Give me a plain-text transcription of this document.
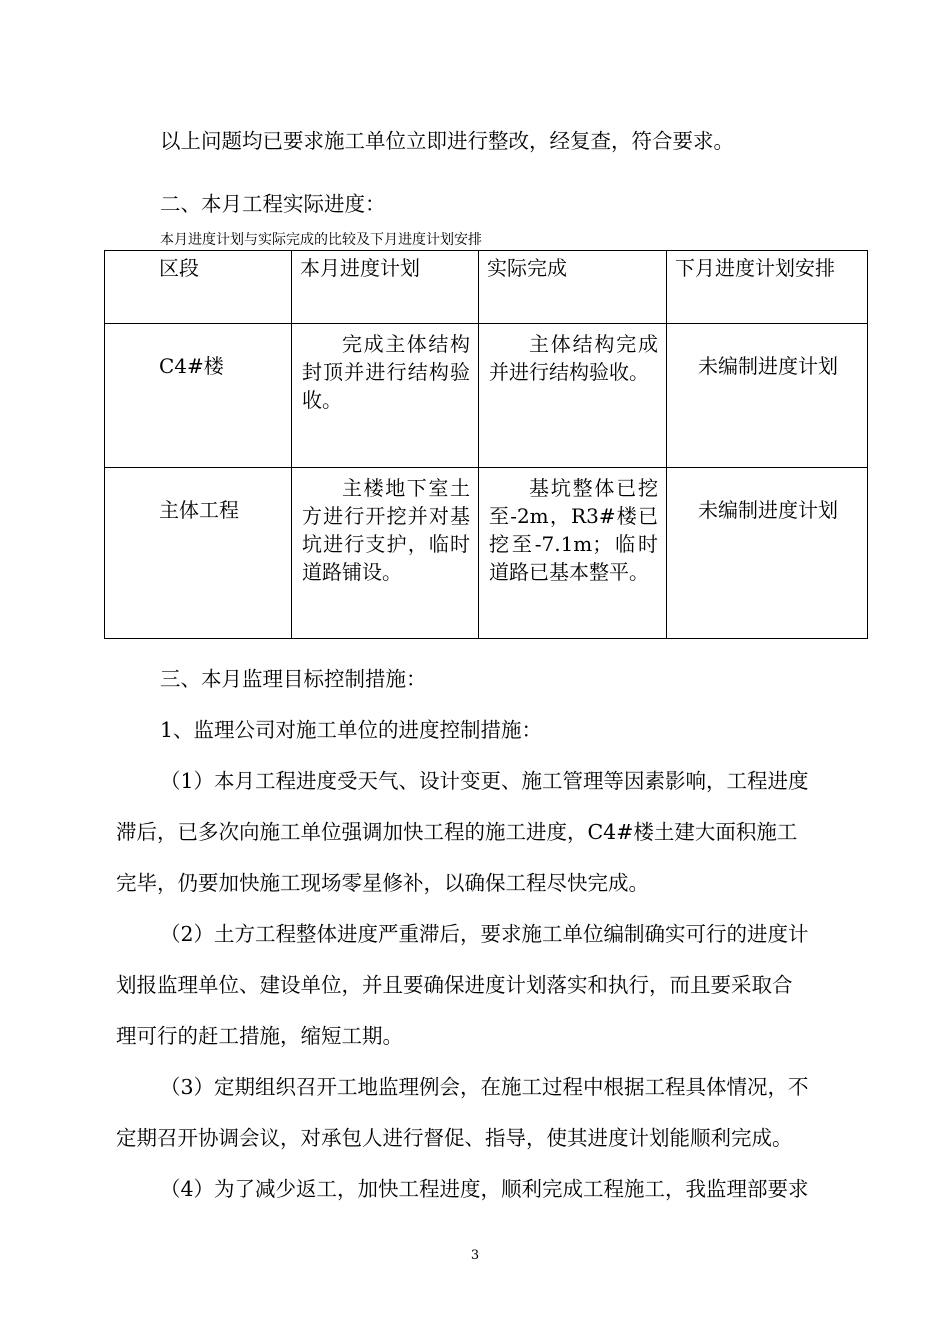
以上问题均已要求施工单位立即进行整改，经复查，符合要求。

二、本月工程实际进度：

本月进度计划与实际完成的比较及下月进度计划安排
区段	本月进度计划	实际完成	下月进度计划安排
C4#楼	完成主体结构封顶并进行结构验收。	主体结构完成并进行结构验收。	未编制进度计划
主体工程	主楼地下室土方进行开挖并对基坑进行支护，临时道路铺设。	基坑整体已挖至-2m，R3#楼已挖至-7.1m；临时道路已基本整平。	未编制进度计划

三、本月监理目标控制措施：

1、监理公司对施工单位的进度控制措施：

（1）本月工程进度受天气、设计变更、施工管理等因素影响，工程进度

滞后，已多次向施工单位强调加快工程的施工进度，C4#楼土建大面积施工

完毕，仍要加快施工现场零星修补，以确保工程尽快完成。

（2）土方工程整体进度严重滞后，要求施工单位编制确实可行的进度计

划报监理单位、建设单位，并且要确保进度计划落实和执行，而且要采取合

理可行的赶工措施，缩短工期。

（3）定期组织召开工地监理例会，在施工过程中根据工程具体情况，不

定期召开协调会议，对承包人进行督促、指导，使其进度计划能顺利完成。

（4）为了减少返工，加快工程进度，顺利完成工程施工，我监理部要求

3
